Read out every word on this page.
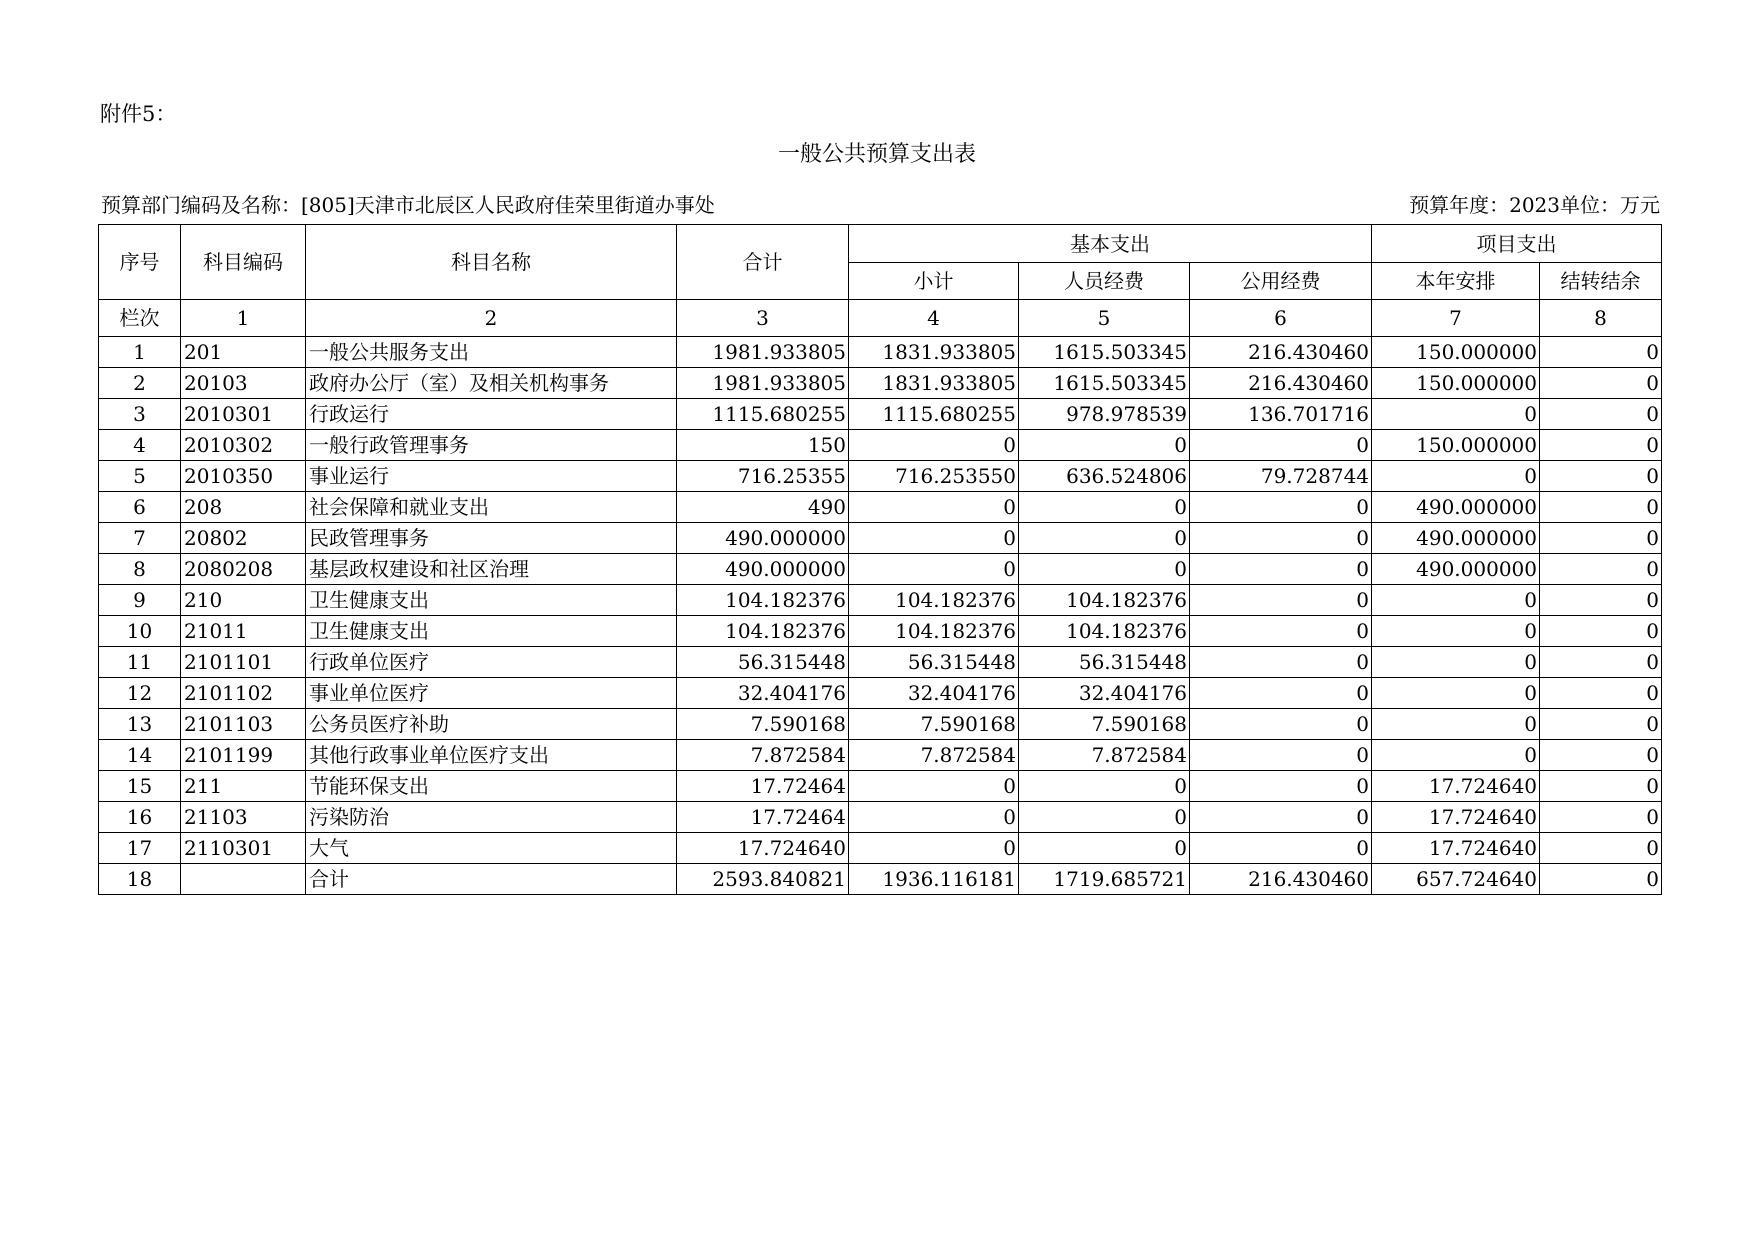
附件5：
一般公共预算支出表
预算部门编码及名称：[805]天津市北辰区人民政府佳荣里街道办事处	预算年度：2023单位：万元
序号	科目编码	科目名称	合计	基本支出			项目支出	
				小计	人员经费	公用经费	本年安排	结转结余
栏次	1	2	3	4	5	6	7	8
1	201	一般公共服务支出	1981.933805	1831.933805	1615.503345	216.430460	150.000000	0
2	20103	政府办公厅（室）及相关机构事务	1981.933805	1831.933805	1615.503345	216.430460	150.000000	0
3	2010301	行政运行	1115.680255	1115.680255	978.978539	136.701716	0	0
4	2010302	一般行政管理事务	150	0	0	0	150.000000	0
5	2010350	事业运行	716.25355	716.253550	636.524806	79.728744	0	0
6	208	社会保障和就业支出	490	0	0	0	490.000000	0
7	20802	民政管理事务	490.000000	0	0	0	490.000000	0
8	2080208	基层政权建设和社区治理	490.000000	0	0	0	490.000000	0
9	210	卫生健康支出	104.182376	104.182376	104.182376	0	0	0
10	21011	卫生健康支出	104.182376	104.182376	104.182376	0	0	0
11	2101101	行政单位医疗	56.315448	56.315448	56.315448	0	0	0
12	2101102	事业单位医疗	32.404176	32.404176	32.404176	0	0	0
13	2101103	公务员医疗补助	7.590168	7.590168	7.590168	0	0	0
14	2101199	其他行政事业单位医疗支出	7.872584	7.872584	7.872584	0	0	0
15	211	节能环保支出	17.72464	0	0	0	17.724640	0
16	21103	污染防治	17.72464	0	0	0	17.724640	0
17	2110301	大气	17.724640	0	0	0	17.724640	0
18		合计	2593.840821	1936.116181	1719.685721	216.430460	657.724640	0
